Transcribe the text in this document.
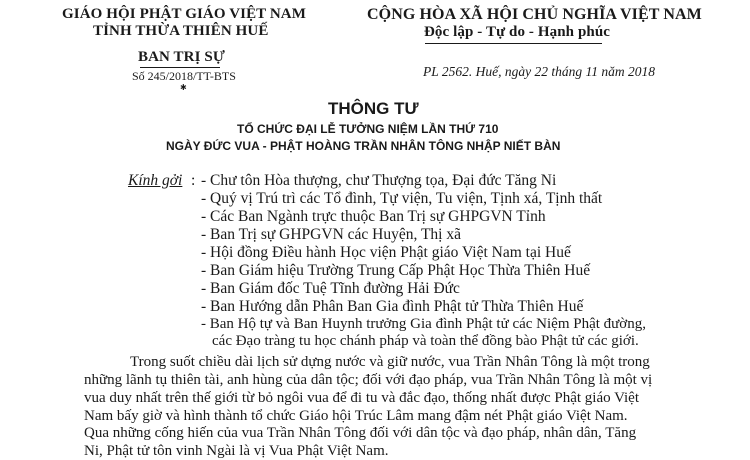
GIÁO HỘI PHẬT GIÁO VIỆT NAM
TỈNH THỪA THIÊN HUẾ
BAN TRỊ SỰ
Số 245/2018/TT-BTS
✱
CỘNG HÒA XÃ HỘI CHỦ NGHĨA VIỆT NAM
Độc lập - Tự do - Hạnh phúc
PL 2562. Huế, ngày 22 tháng 11 năm 2018
THÔNG TƯ
TỔ CHỨC ĐẠI LỄ TƯỞNG NIỆM LẦN THỨ 710
NGÀY ĐỨC VUA - PHẬT HOÀNG TRẦN NHÂN TÔNG NHẬP NIẾT BÀN
Kính gởi : - Chư tôn Hòa thượng, chư Thượng tọa, Đại đức Tăng Ni
- Quý vị Trú trì các Tổ đình, Tự viện, Tu viện, Tịnh xá, Tịnh thất
- Các Ban Ngành trực thuộc Ban Trị sự GHPGVN Tỉnh
- Ban Trị sự GHPGVN các Huyện, Thị xã
- Hội đồng Điều hành Học viện Phật giáo Việt Nam tại Huế
- Ban Giám hiệu Trường Trung Cấp Phật Học Thừa Thiên Huế
- Ban Giám đốc Tuệ Tĩnh đường Hải Đức
- Ban Hướng dẫn Phân Ban Gia đình Phật tử Thừa Thiên Huế
- Ban Hộ tự và Ban Huynh trưởng Gia đình Phật tử các Niệm Phật đường,
các Đạo tràng tu học chánh pháp và toàn thể đồng bào Phật tử các giới.
Trong suốt chiều dài lịch sử dựng nước và giữ nước, vua Trần Nhân Tông là một trong
những lãnh tụ thiên tài, anh hùng của dân tộc; đối với đạo pháp, vua Trần Nhân Tông là một vị
vua duy nhất trên thế giới từ bỏ ngôi vua để đi tu và đắc đạo, thống nhất được Phật giáo Việt
Nam bấy giờ và hình thành tổ chức Giáo hội Trúc Lâm mang đậm nét Phật giáo Việt Nam.
Qua những cống hiến của vua Trần Nhân Tông đối với dân tộc và đạo pháp, nhân dân, Tăng
Ni, Phật tử tôn vinh Ngài là vị Vua Phật Việt Nam.
